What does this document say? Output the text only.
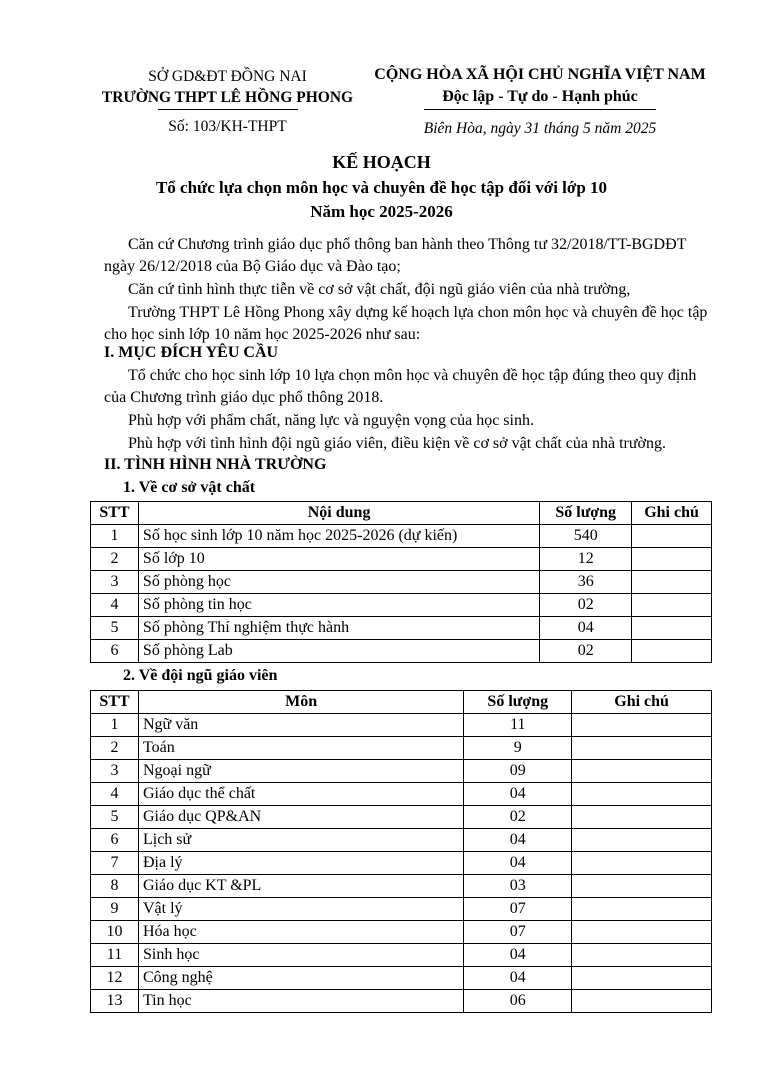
SỞ GD&ĐT ĐỒNG NAI
TRƯỜNG THPT LÊ HỒNG PHONG
CỘNG HÒA XÃ HỘI CHỦ NGHĨA VIỆT NAM
Độc lập - Tự do - Hạnh phúc
Số: 103/KH-THPT	Biên Hòa, ngày 31 tháng 5 năm 2025
KẾ HOẠCH
Tổ chức lựa chọn môn học và chuyên đề học tập đối với lớp 10
Năm học 2025-2026
Căn cứ Chương trình giáo dục phổ thông ban hành theo Thông tư 32/2018/TT-BGDĐT ngày 26/12/2018 của Bộ Giáo dục và Đào tạo;
Căn cứ tình hình thực tiễn về cơ sở vật chất, đội ngũ giáo viên của nhà trường,
Trường THPT Lê Hồng Phong xây dựng kế hoạch lựa chon môn học và chuyên đề học tập cho học sinh lớp 10 năm học 2025-2026 như sau:
I. MỤC ĐÍCH YÊU CẦU
Tổ chức cho học sinh lớp 10 lựa chọn môn học và chuyên đề học tập đúng theo quy định của Chương trình giáo dục phổ thông 2018.
Phù hợp với phẩm chất, năng lực và nguyện vọng của học sinh.
Phù hợp với tình hình đội ngũ giáo viên, điều kiện về cơ sở vật chất của nhà trường.
II. TÌNH HÌNH NHÀ TRƯỜNG
1. Về cơ sở vật chất
STT	Nội dung	Số lượng	Ghi chú
1	Số học sinh lớp 10 năm học 2025-2026 (dự kiến)	540	
2	Số lớp 10	12	
3	Số phòng học	36	
4	Số phòng tin học	02	
5	Số phòng Thí nghiệm thực hành	04	
6	Số phòng Lab	02	
2. Về đội ngũ giáo viên
STT	Môn	Số lượng	Ghi chú
1	Ngữ văn	11	
2	Toán	9	
3	Ngoại ngữ	09	
4	Giáo dục thể chất	04	
5	Giáo dục QP&AN	02	
6	Lịch sử	04	
7	Địa lý	04	
8	Giáo dục KT &PL	03	
9	Vật lý	07	
10	Hóa học	07	
11	Sinh học	04	
12	Công nghệ	04	
13	Tin học	06	
